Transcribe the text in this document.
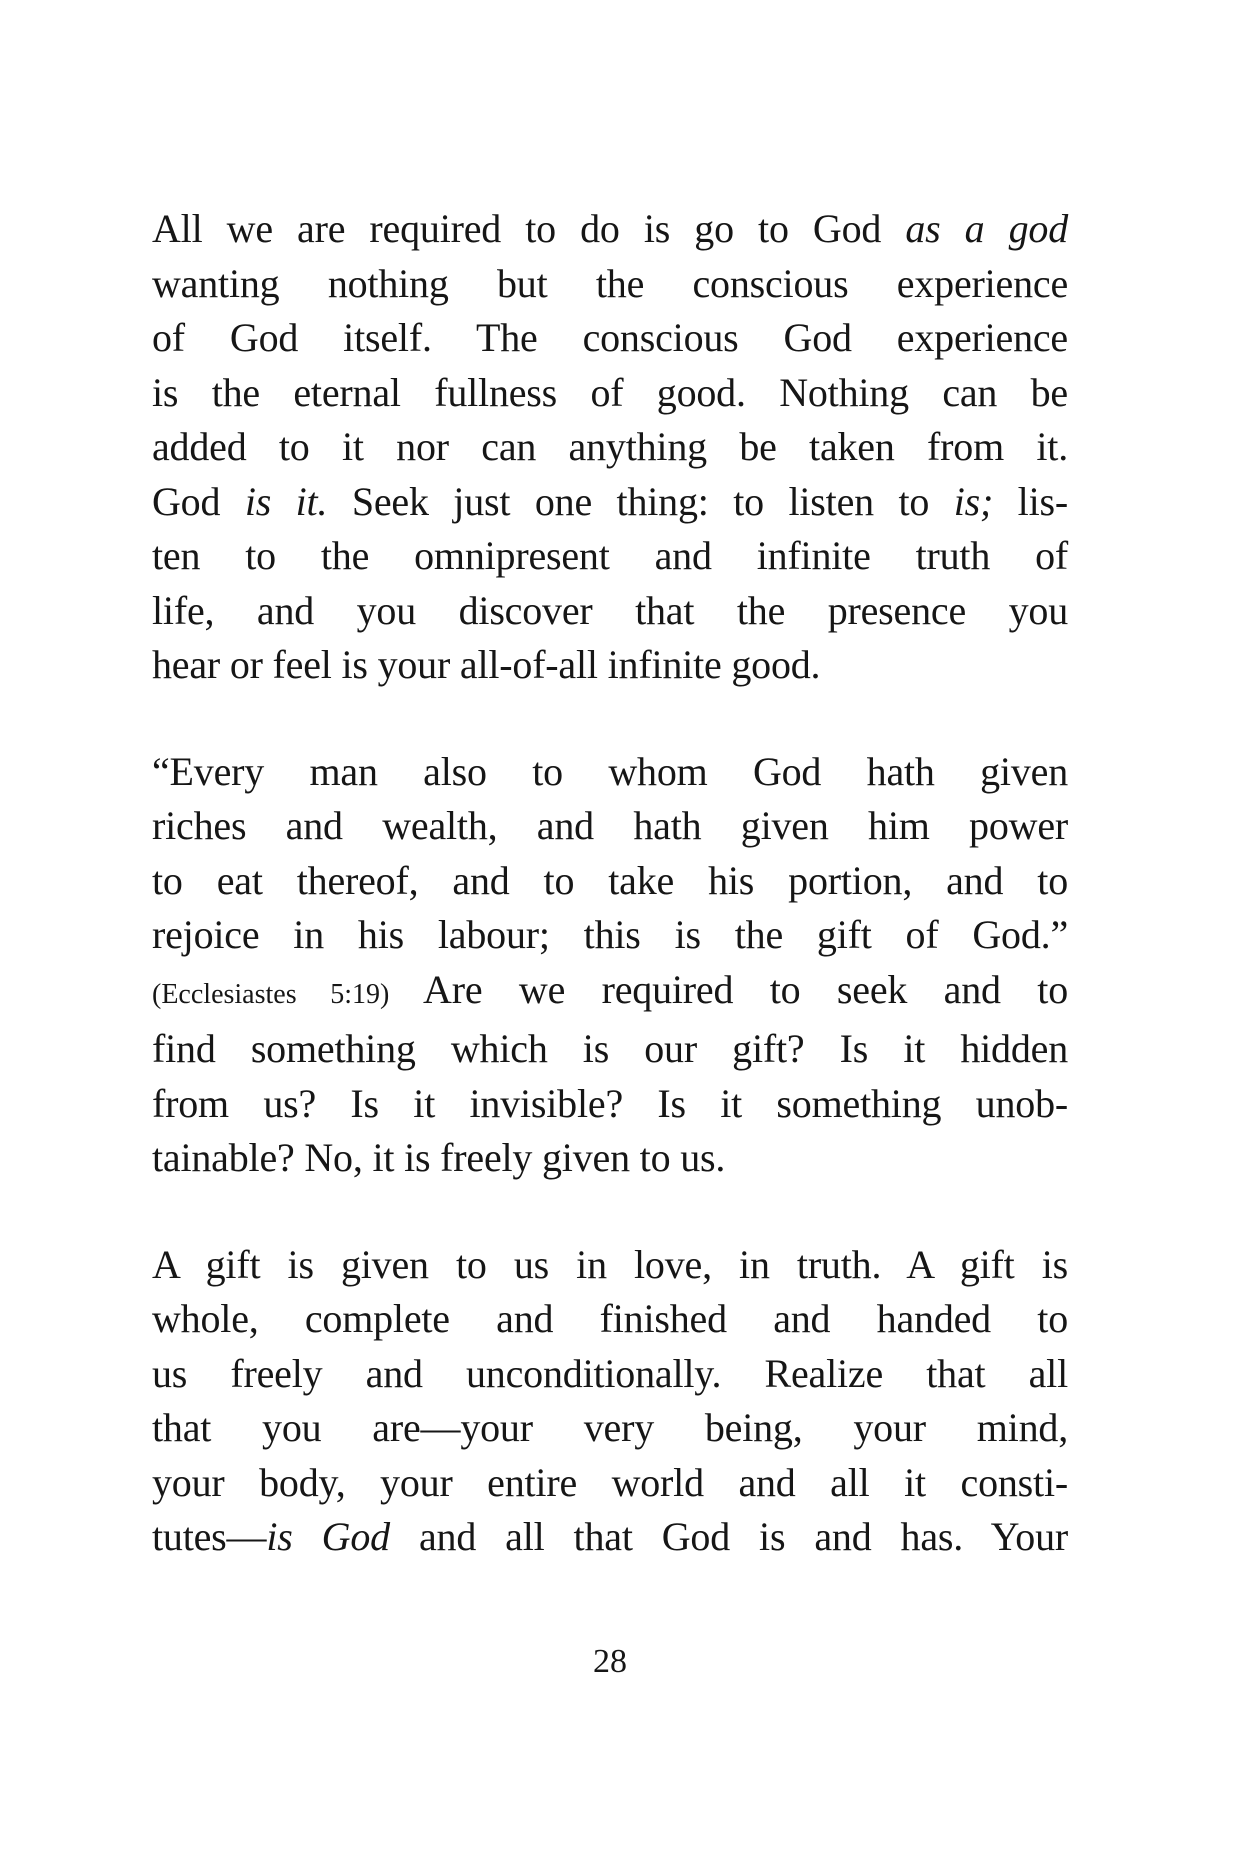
All we are required to do is go to God as a god
wanting nothing but the conscious experience
of God itself. The conscious God experience
is the eternal fullness of good. Nothing can be
added to it nor can anything be taken from it.
God is it. Seek just one thing: to listen to is; lis-
ten to the omnipresent and infinite truth of
life, and you discover that the presence you
hear or feel is your all-of-all infinite good.
“Every man also to whom God hath given
riches and wealth, and hath given him power
to eat thereof, and to take his portion, and to
rejoice in his labour; this is the gift of God.”
(Ecclesiastes 5:19) Are we required to seek and to
find something which is our gift? Is it hidden
from us? Is it invisible? Is it something unob-
tainable? No, it is freely given to us.
A gift is given to us in love, in truth. A gift is
whole, complete and finished and handed to
us freely and unconditionally. Realize that all
that you are—your very being, your mind,
your body, your entire world and all it consti-
tutes—is God and all that God is and has. Your
28
